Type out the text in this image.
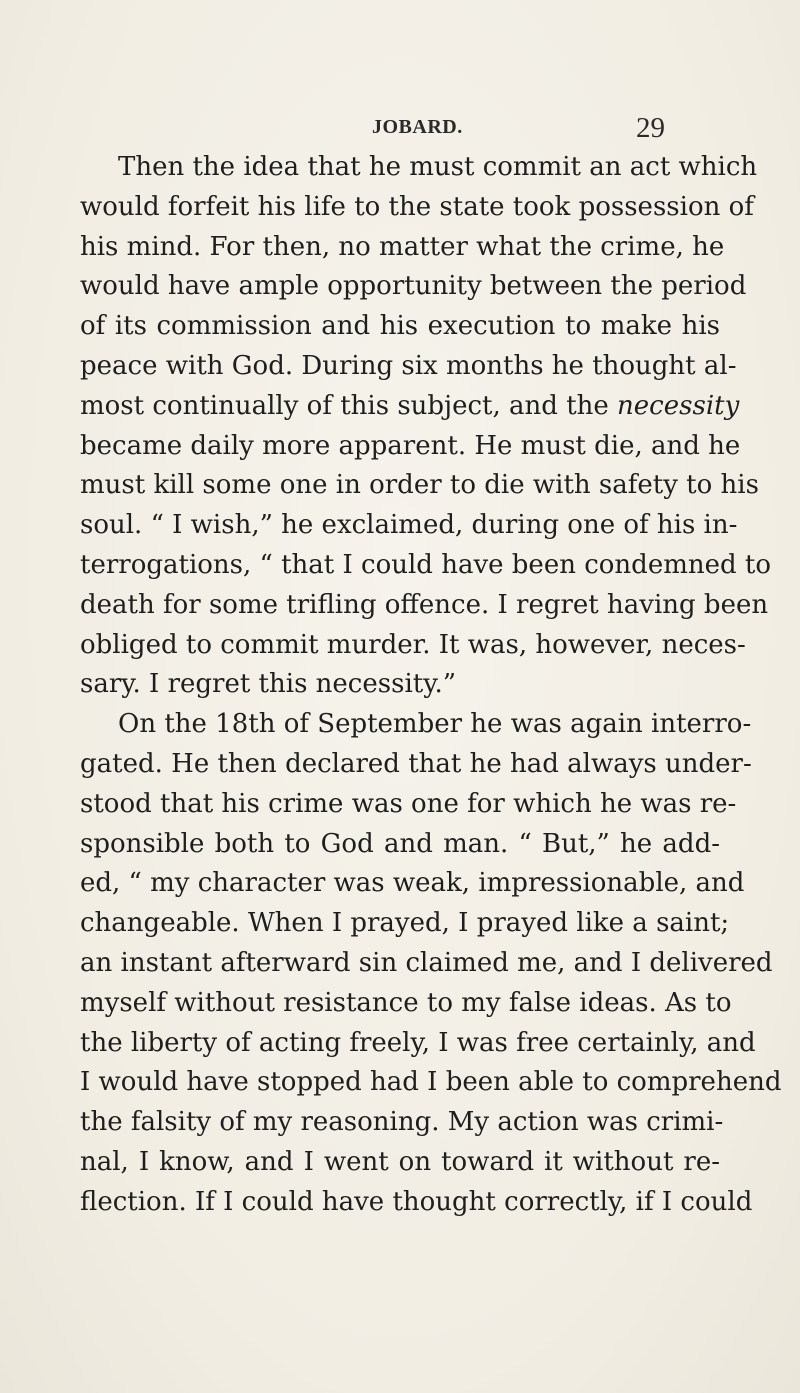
JOBARD.	29
Then the idea that he must commit an act which
would forfeit his life to the state took possession of
his mind. For then, no matter what the crime, he
would have ample opportunity between the period
of its commission and his execution to make his
peace with God. During six months he thought al-
most continually of this subject, and the necessity
became daily more apparent. He must die, and he
must kill some one in order to die with safety to his
soul. “ I wish,” he exclaimed, during one of his in-
terrogations, “ that I could have been condemned to
death for some trifling offence. I regret having been
obliged to commit murder. It was, however, neces-
sary. I regret this necessity.”
On the 18th of September he was again interro-
gated. He then declared that he had always under-
stood that his crime was one for which he was re-
sponsible both to God and man. “ But,” he add-
ed, “ my character was weak, impressionable, and
changeable. When I prayed, I prayed like a saint;
an instant afterward sin claimed me, and I delivered
myself without resistance to my false ideas. As to
the liberty of acting freely, I was free certainly, and
I would have stopped had I been able to comprehend
the falsity of my reasoning. My action was crimi-
nal, I know, and I went on toward it without re-
flection. If I could have thought correctly, if I could
